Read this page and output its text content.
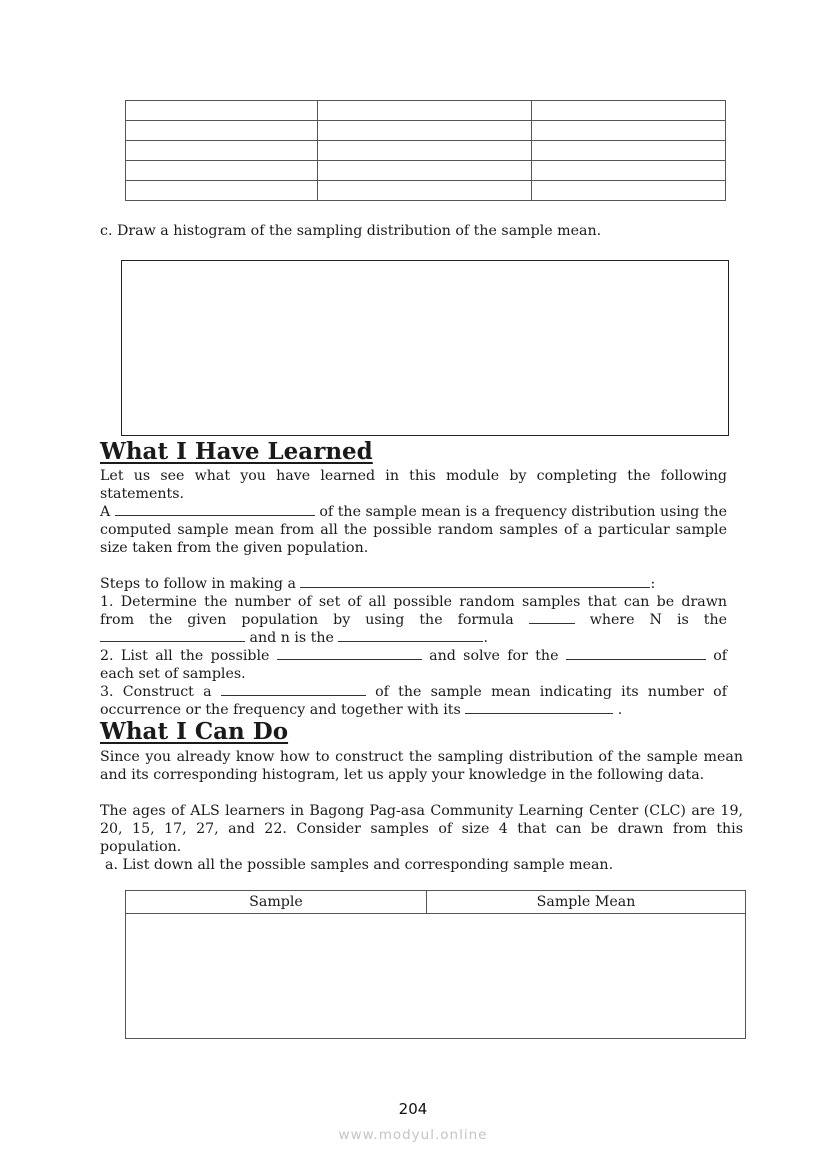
c. Draw a histogram of the sampling distribution of the sample mean.
What I Have Learned
Let us see what you have learned in this module by completing the following
statements.
A	of the sample mean is a frequency distribution using the
computed sample mean from all the possible random samples of a particular sample
size taken from the given population.
Steps to follow in making a	:
1. Determine the number of set of all possible random samples that can be drawn
from the given population by using the formula	where N is the
and n is the	.
2. List all the possible	and solve for the	of
each set of samples.
3. Construct a	of the sample mean indicating its number of
occurrence or the frequency and together with its	.
What I Can Do
Since you already know how to construct the sampling distribution of the sample mean
and its corresponding histogram, let us apply your knowledge in the following data.
The ages of ALS learners in Bagong Pag-asa Community Learning Center (CLC) are 19,
20, 15, 17, 27, and 22. Consider samples of size 4 that can be drawn from this
population.
a. List down all the possible samples and corresponding sample mean.
Sample	Sample Mean

204
www.modyul.online
